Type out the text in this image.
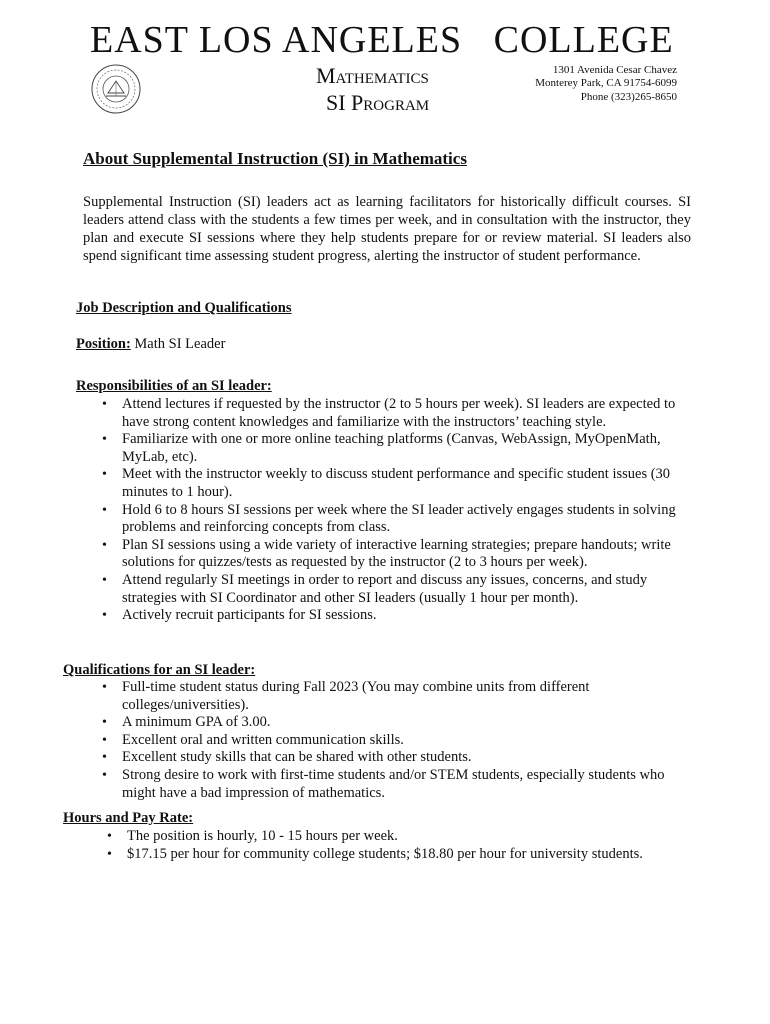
EAST LOS ANGELES   COLLEGE
Mathematics
SI Program
1301 Avenida Cesar Chavez
Monterey Park, CA 91754-6099
Phone (323)265-8650
About Supplemental Instruction (SI) in Mathematics
Supplemental Instruction (SI) leaders act as learning facilitators for historically difficult courses. SI leaders attend class with the students a few times per week, and in consultation with the instructor, they plan and execute SI sessions where they help students prepare for or review material. SI leaders also spend significant time assessing student progress, alerting the instructor of student performance.
Job Description and Qualifications
Position: Math SI Leader
Responsibilities of an SI leader:
• Attend lectures if requested by the instructor (2 to 5 hours per week). SI leaders are expected to have strong content knowledges and familiarize with the instructors’ teaching style.
• Familiarize with one or more online teaching platforms (Canvas, WebAssign, MyOpenMath, MyLab, etc).
• Meet with the instructor weekly to discuss student performance and specific student issues (30 minutes to 1 hour).
• Hold 6 to 8 hours SI sessions per week where the SI leader actively engages students in solving problems and reinforcing concepts from class.
• Plan SI sessions using a wide variety of interactive learning strategies; prepare handouts; write solutions for quizzes/tests as requested by the instructor (2 to 3 hours per week).
• Attend regularly SI meetings in order to report and discuss any issues, concerns, and study strategies with SI Coordinator and other SI leaders (usually 1 hour per month).
• Actively recruit participants for SI sessions.
Qualifications for an SI leader:
• Full-time student status during Fall 2023 (You may combine units from different colleges/universities).
• A minimum GPA of 3.00.
• Excellent oral and written communication skills.
• Excellent study skills that can be shared with other students.
• Strong desire to work with first-time students and/or STEM students, especially students who might have a bad impression of mathematics.
Hours and Pay Rate:
• The position is hourly, 10 - 15 hours per week.
• $17.15 per hour for community college students; $18.80 per hour for university students.
